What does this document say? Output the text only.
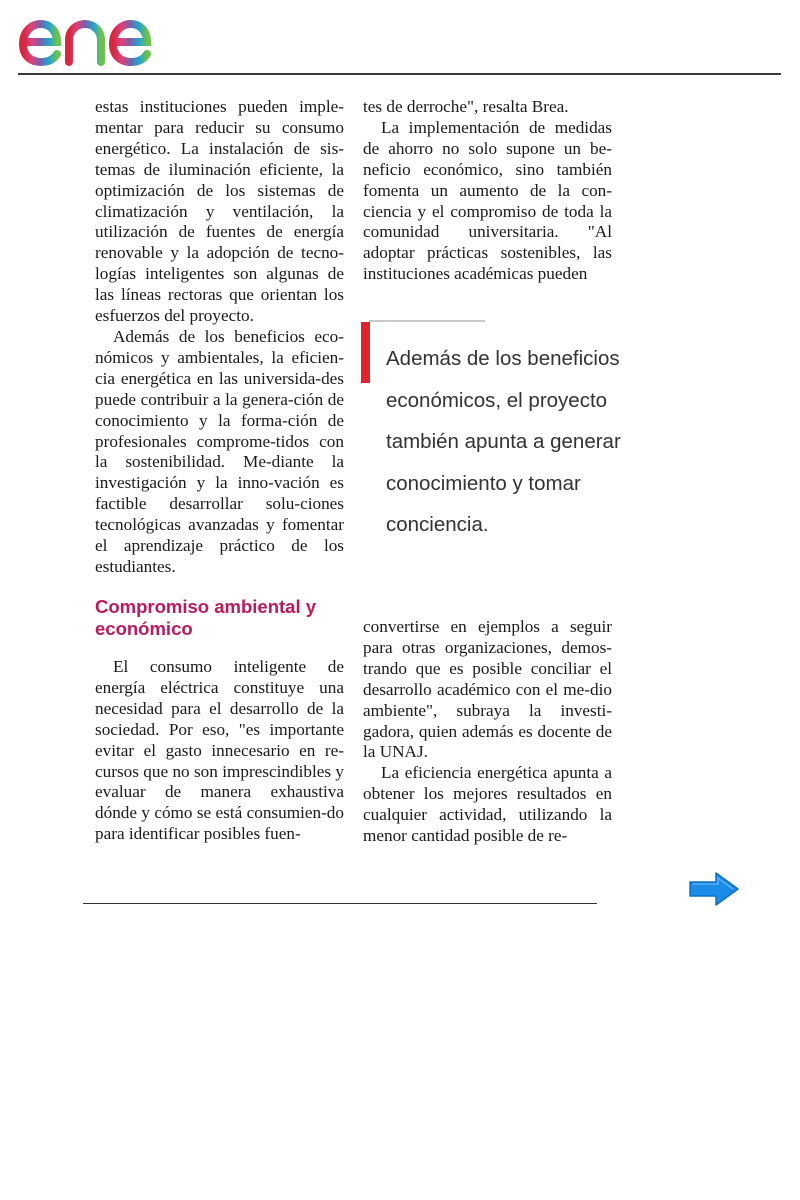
estas instituciones pueden imple-mentar para reducir su consumo energético. La instalación de sis-temas de iluminación eficiente, la optimización de los sistemas de climatización y ventilación, la utilización de fuentes de energía renovable y la adopción de tecno-logías inteligentes son algunas de las líneas rectoras que orientan los esfuerzos del proyecto.

Además de los beneficios eco-nómicos y ambientales, la eficien-cia energética en las universida-des puede contribuir a la genera-ción de conocimiento y la forma-ción de profesionales comprome-tidos con la sostenibilidad. Me-diante la investigación y la inno-vación es factible desarrollar solu-ciones tecnológicas avanzadas y fomentar el aprendizaje práctico de los estudiantes.

tes de derroche", resalta Brea.

La implementación de medidas de ahorro no solo supone un be-neficio económico, sino también fomenta un aumento de la con-ciencia y el compromiso de toda la comunidad universitaria. "Al adoptar prácticas sostenibles, las instituciones académicas pueden

Además de los beneficios económicos, el proyecto también apunta a generar conocimiento y tomar conciencia.
Compromiso ambiental y económico

El consumo inteligente de energía eléctrica constituye una necesidad para el desarrollo de la sociedad. Por eso, "es importante evitar el gasto innecesario en re-cursos que no son imprescindibles y evaluar de manera exhaustiva dónde y cómo se está consumien-do para identificar posibles fuen-

convertirse en ejemplos a seguir para otras organizaciones, demos-trando que es posible conciliar el desarrollo académico con el me-dio ambiente", subraya la investi-gadora, quien además es docente de la UNAJ.

La eficiencia energética apunta a obtener los mejores resultados en cualquier actividad, utilizando la menor cantidad posible de re-
